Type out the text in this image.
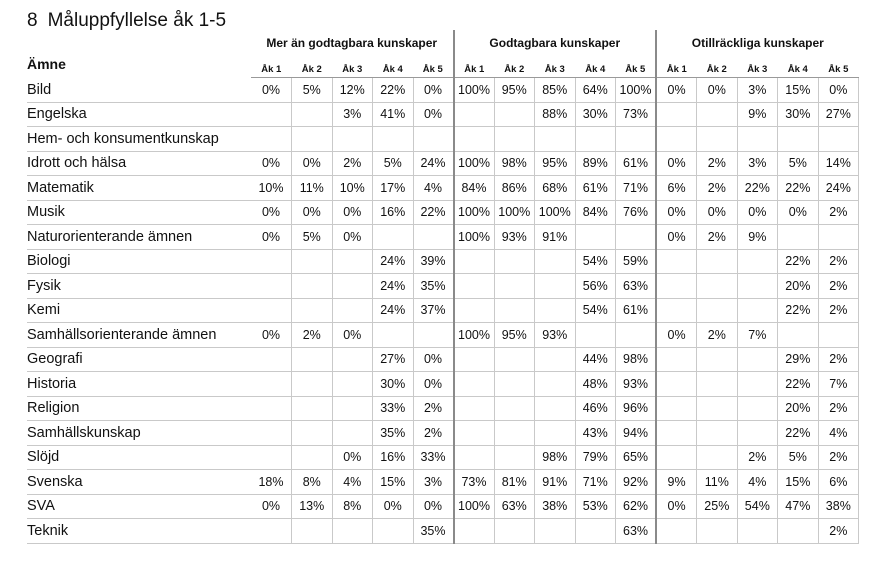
8 Måluppfyllelse åk 1-5
	Mer än godtagbara kunskaper					Godtagbara kunskaper					Otillräckliga kunskaper				
Ämne	Åk 1	Åk 2	Åk 3	Åk 4	Åk 5	Åk 1	Åk 2	Åk 3	Åk 4	Åk 5	Åk 1	Åk 2	Åk 3	Åk 4	Åk 5
Bild	0%	5%	12%	22%	0%	100%	95%	85%	64%	100%	0%	0%	3%	15%	0%
Engelska			3%	41%	0%			88%	30%	73%			9%	30%	27%
Hem- och konsumentkunskap															
Idrott och hälsa	0%	0%	2%	5%	24%	100%	98%	95%	89%	61%	0%	2%	3%	5%	14%
Matematik	10%	11%	10%	17%	4%	84%	86%	68%	61%	71%	6%	2%	22%	22%	24%
Musik	0%	0%	0%	16%	22%	100%	100%	100%	84%	76%	0%	0%	0%	0%	2%
Naturorienterande ämnen	0%	5%	0%			100%	93%	91%			0%	2%	9%		
Biologi				24%	39%				54%	59%				22%	2%
Fysik				24%	35%				56%	63%				20%	2%
Kemi				24%	37%				54%	61%				22%	2%
Samhällsorienterande ämnen	0%	2%	0%			100%	95%	93%			0%	2%	7%		
Geografi				27%	0%				44%	98%				29%	2%
Historia				30%	0%				48%	93%				22%	7%
Religion				33%	2%				46%	96%				20%	2%
Samhällskunskap				35%	2%				43%	94%				22%	4%
Slöjd			0%	16%	33%			98%	79%	65%			2%	5%	2%
Svenska	18%	8%	4%	15%	3%	73%	81%	91%	71%	92%	9%	11%	4%	15%	6%
SVA	0%	13%	8%	0%	0%	100%	63%	38%	53%	62%	0%	25%	54%	47%	38%
Teknik					35%					63%					2%
